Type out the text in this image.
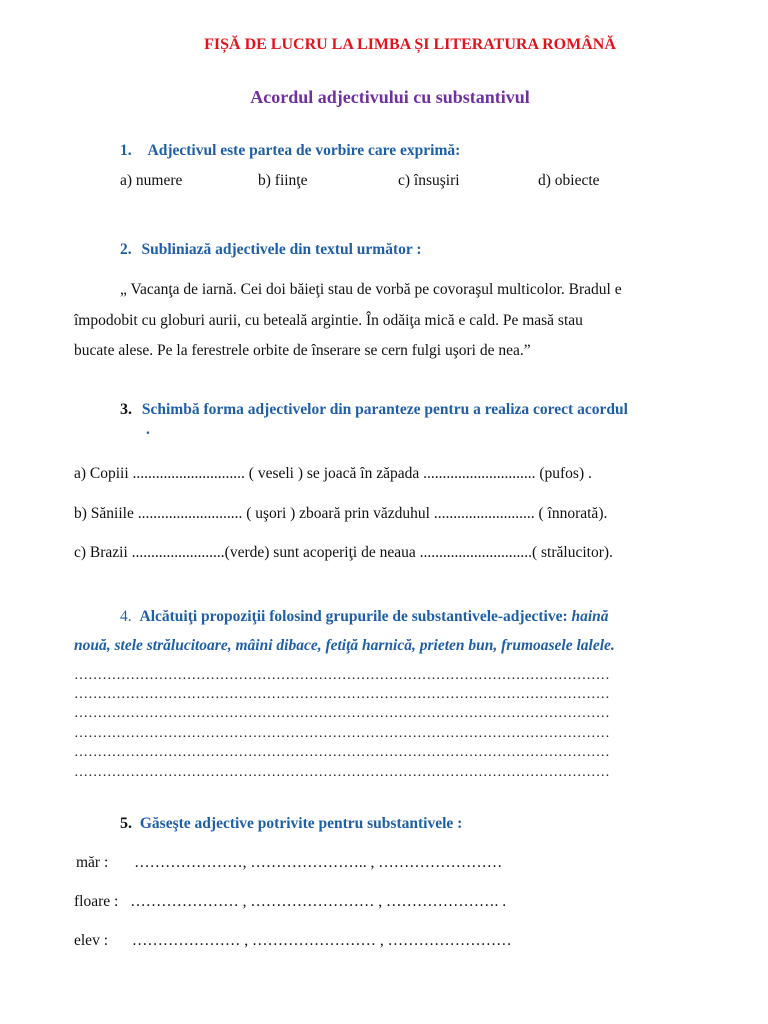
FIȘĂ DE LUCRU LA LIMBA ȘI LITERATURA ROMÂNĂ
Acordul adjectivului cu substantivul
1. Adjectivul este partea de vorbire care exprimă:
a) numere	b) fiinţe	c) însuşiri	d) obiecte
2. Subliniază adjectivele din textul următor :
„ Vacanţa de iarnă. Cei doi băieţi stau de vorbă pe covoraşul multicolor. Bradul e
împodobit cu globuri aurii, cu beteală argintie. În odăiţa mică e cald. Pe masă stau
bucate alese. Pe la ferestrele orbite de înserare se cern fulgi uşori de nea.”
3. Schimbă forma adjectivelor din paranteze pentru a realiza corect acordul
.
a) Copiii ............................. ( veseli ) se joacă în zăpada ............................. (pufos) .
b) Săniile ........................... ( uşori ) zboară prin văzduhul .......................... ( înnorată).
c) Brazii ........................(verde) sunt acoperiţi de neaua .............................( strălucitor).
4. Alcătuiţi propoziţii folosind grupurile de substantivele-adjective: haină
nouă, stele strălucitoare, mâini dibace, fetiţă harnică, prieten bun, frumoasele lalele.
……………………………………………………………………………………………………
……………………………………………………………………………………………………
……………………………………………………………………………………………………
……………………………………………………………………………………………………
……………………………………………………………………………………………………
……………………………………………………………………………………………………
5. Găseşte adjective potrivite pentru substantivele :
măr : …………………, ………………….. , ……………………
floare : ………………… , …………………… , …………………. .
elev : ………………… , …………………… , ……………………
